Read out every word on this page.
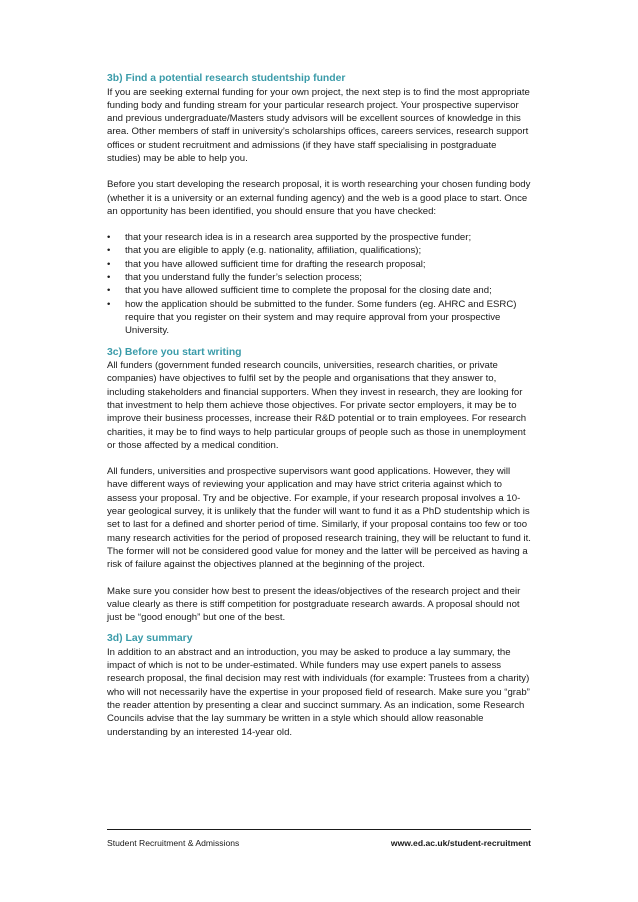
3b) Find a potential research studentship funder

If you are seeking external funding for your own project, the next step is to find the most appropriate funding body and funding stream for your particular research project. Your prospective supervisor and previous undergraduate/Masters study advisors will be excellent sources of knowledge in this area. Other members of staff in university’s scholarships offices, careers services, research support offices or student recruitment and admissions (if they have staff specialising in postgraduate studies) may be able to help you.

Before you start developing the research proposal, it is worth researching your chosen funding body (whether it is a university or an external funding agency) and the web is a good place to start. Once an opportunity has been identified, you should ensure that you have checked:

• that your research idea is in a research area supported by the prospective funder;
• that you are eligible to apply (e.g. nationality, affiliation, qualifications);
• that you have allowed sufficient time for drafting the research proposal;
• that you understand fully the funder’s selection process;
• that you have allowed sufficient time to complete the proposal for the closing date and;
• how the application should be submitted to the funder. Some funders (eg. AHRC and ESRC) require that you register on their system and may require approval from your prospective University.
3c) Before you start writing

All funders (government funded research councils, universities, research charities, or private companies) have objectives to fulfil set by the people and organisations that they answer to, including stakeholders and financial supporters. When they invest in research, they are looking for that investment to help them achieve those objectives. For private sector employers, it may be to improve their business processes, increase their R&D potential or to train employees. For research charities, it may be to find ways to help particular groups of people such as those in unemployment or those affected by a medical condition.

All funders, universities and prospective supervisors want good applications. However, they will have different ways of reviewing your application and may have strict criteria against which to assess your proposal. Try and be objective. For example, if your research proposal involves a 10-year geological survey, it is unlikely that the funder will want to fund it as a PhD studentship which is set to last for a defined and shorter period of time. Similarly, if your proposal contains too few or too many research activities for the period of proposed research training, they will be reluctant to fund it. The former will not be considered good value for money and the latter will be perceived as having a risk of failure against the objectives planned at the beginning of the project.

Make sure you consider how best to present the ideas/objectives of the research project and their value clearly as there is stiff competition for postgraduate research awards. A proposal should not just be “good enough” but one of the best.

3d) Lay summary

In addition to an abstract and an introduction, you may be asked to produce a lay summary, the impact of which is not to be under-estimated. While funders may use expert panels to assess research proposal, the final decision may rest with individuals (for example: Trustees from a charity) who will not necessarily have the expertise in your proposed field of research. Make sure you “grab” the reader attention by presenting a clear and succinct summary. As an indication, some Research Councils advise that the lay summary be written in a style which should allow reasonable understanding by an interested 14-year old.

Student Recruitment & Admissions	www.ed.ac.uk/student-recruitment
